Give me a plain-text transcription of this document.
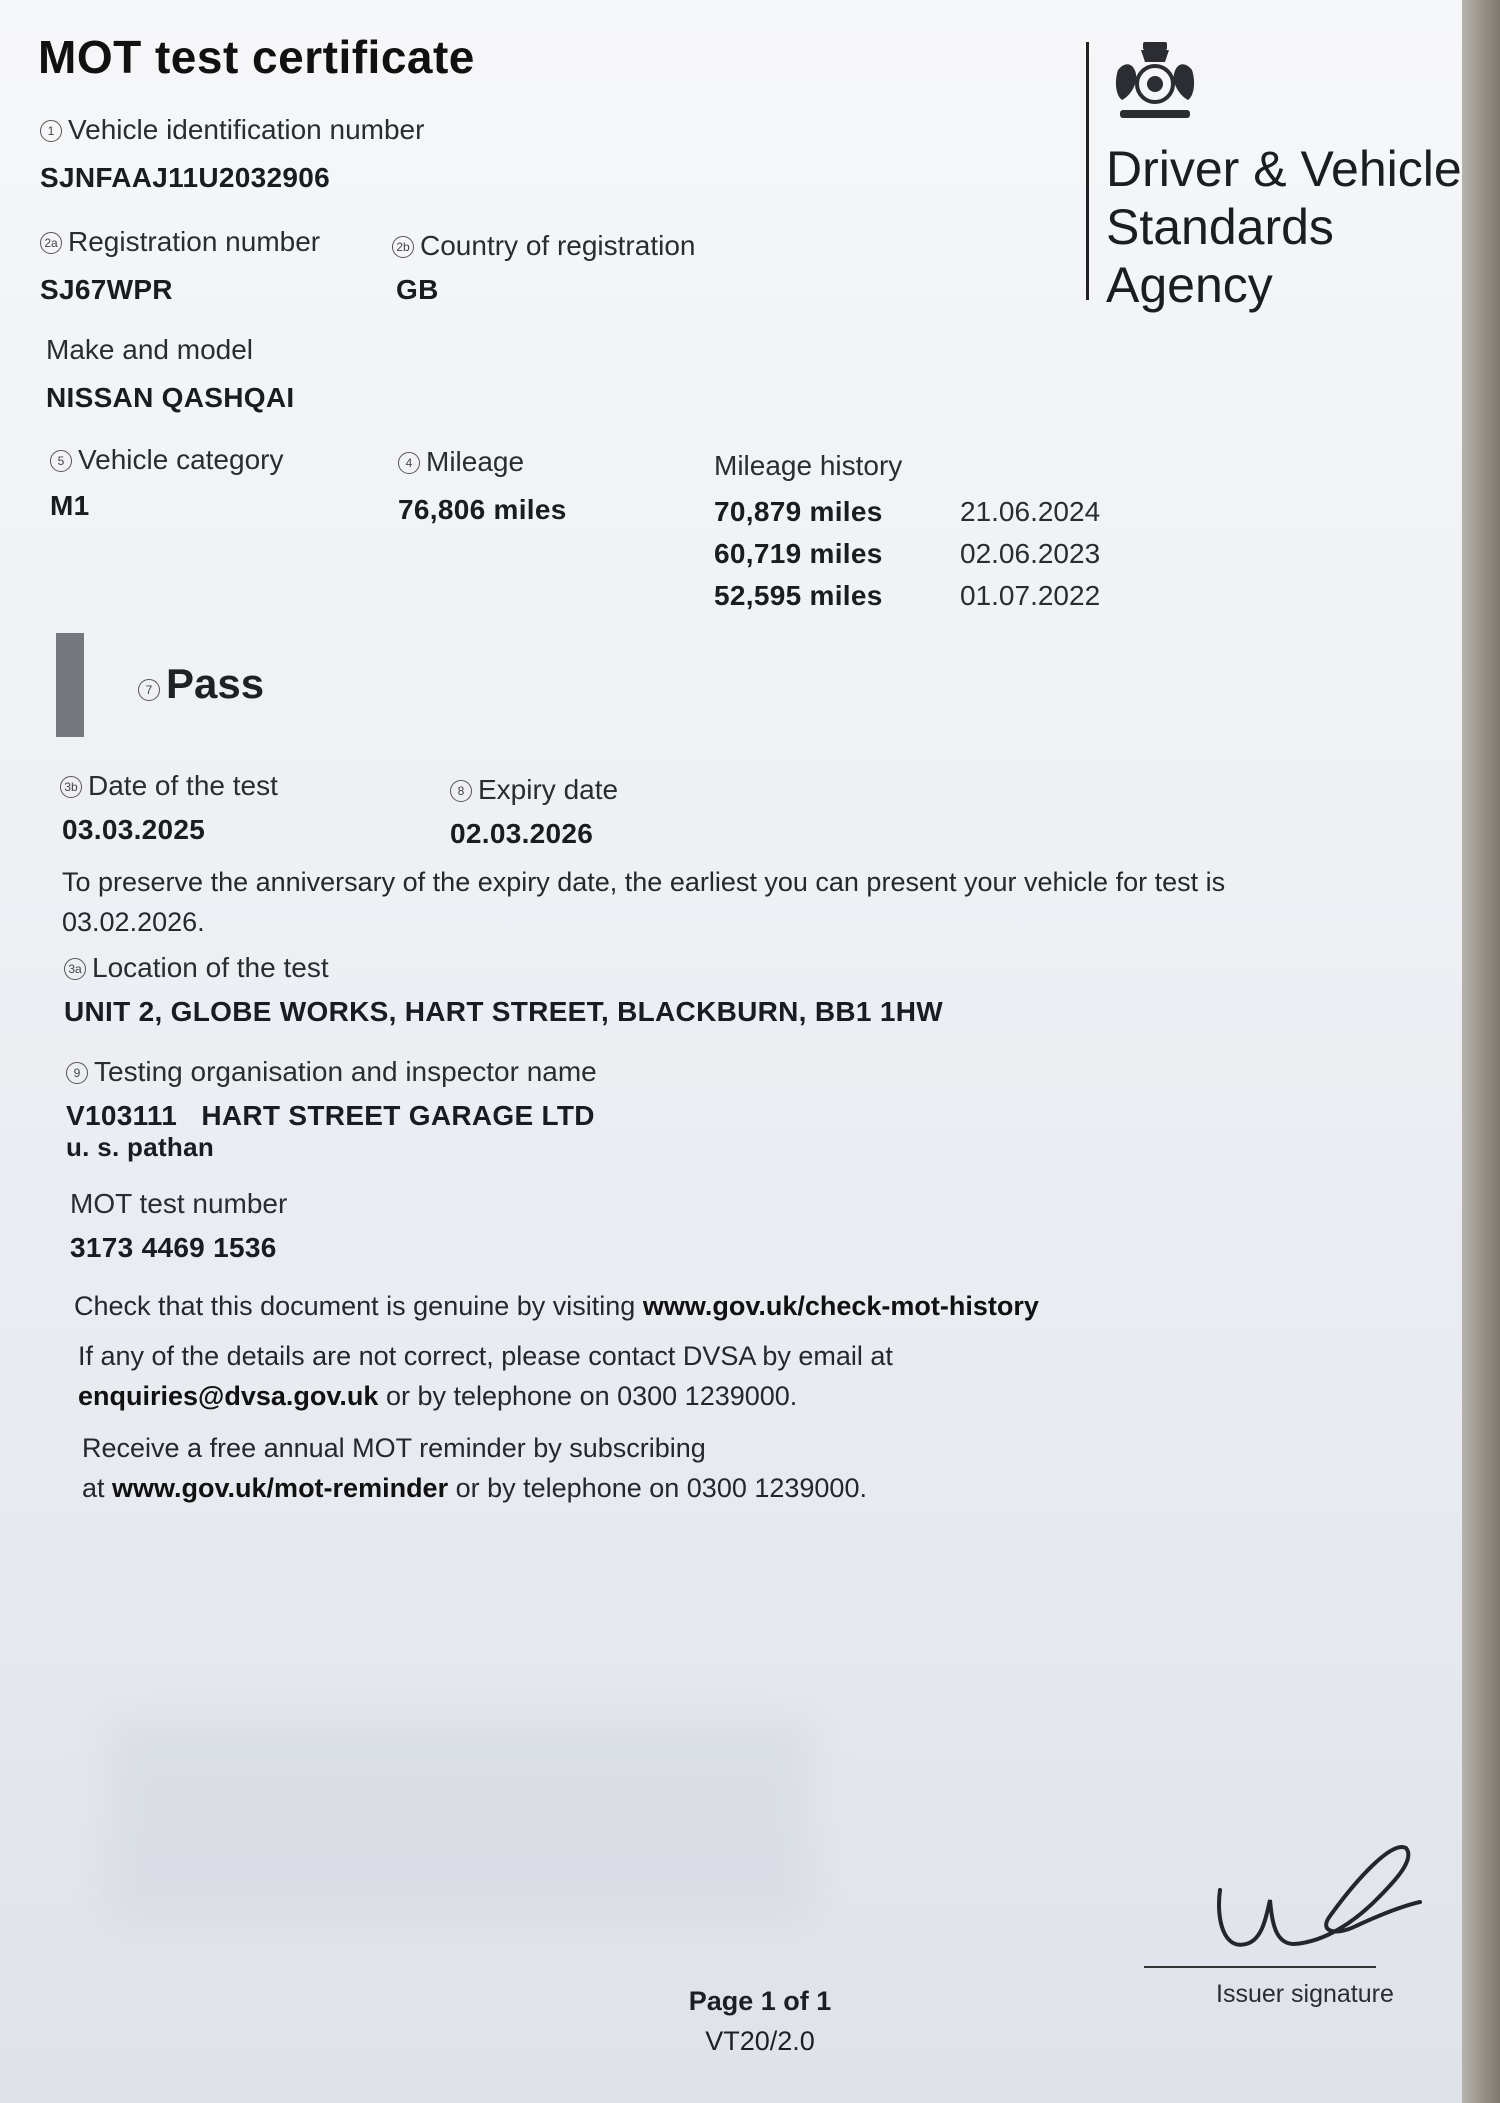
MOT test certificate
1 Vehicle identification number
SJNFAAJ11U2032906
2a Registration number
SJ67WPR
2b Country of registration
GB
Make and model
NISSAN QASHQAI
5 Vehicle category
M1
4 Mileage
76,806 miles
Mileage history
70,879 miles	21.06.2024
60,719 miles	02.06.2023
52,595 miles	01.07.2022
7 Pass
3b Date of the test
03.03.2025
8 Expiry date
02.03.2026
To preserve the anniversary of the expiry date, the earliest you can present your vehicle for test is 03.02.2026.
3a Location of the test
UNIT 2, GLOBE WORKS, HART STREET, BLACKBURN, BB1 1HW
9 Testing organisation and inspector name
V103111 HART STREET GARAGE LTD
u. s. pathan
MOT test number
3173 4469 1536
Check that this document is genuine by visiting www.gov.uk/check-mot-history
If any of the details are not correct, please contact DVSA by email at
enquiries@dvsa.gov.uk or by telephone on 0300 1239000.
Receive a free annual MOT reminder by subscribing
at www.gov.uk/mot-reminder or by telephone on 0300 1239000.
Driver & Vehicle
Standards
Agency
Issuer signature
Page 1 of 1
VT20/2.0
